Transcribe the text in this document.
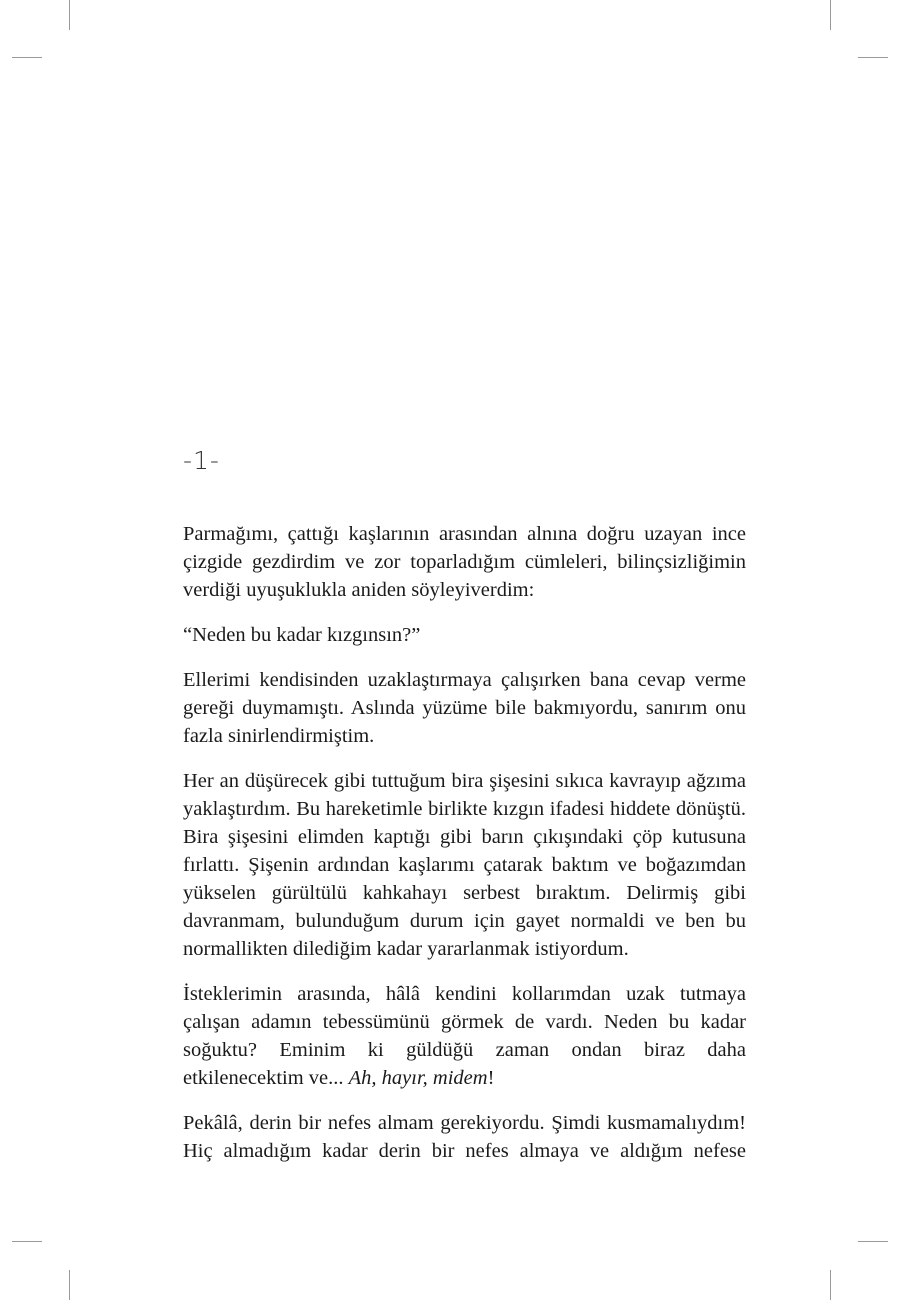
-1-

Parmağımı, çattığı kaşlarının arasından alnına doğru uzayan ince çizgide gezdirdim ve zor toparladığım cümleleri, bilinçsizliğimin verdiği uyuşuklukla aniden söyleyiverdim:

“Neden bu kadar kızgınsın?”

Ellerimi kendisinden uzaklaştırmaya çalışırken bana cevap verme gereği duymamıştı. Aslında yüzüme bile bakmıyordu, sanırım onu fazla sinirlendirmiştim.

Her an düşürecek gibi tuttuğum bira şişesini sıkıca kavrayıp ağzıma yaklaştırdım. Bu hareketimle birlikte kızgın ifadesi hiddete dönüştü. Bira şişesini elimden kaptığı gibi barın çıkışındaki çöp kutusuna fırlattı. Şişenin ardından kaşlarımı çatarak baktım ve boğazımdan yükselen gürültülü kahkahayı serbest bıraktım. Delirmiş gibi davranmam, bulunduğum durum için gayet normaldi ve ben bu normallikten dilediğim kadar yararlanmak istiyordum.

İsteklerimin arasında, hâlâ kendini kollarımdan uzak tutmaya çalışan adamın tebessümünü görmek de vardı. Neden bu kadar soğuktu? Eminim ki güldüğü zaman ondan biraz daha etkilenecektim ve... Ah, hayır, midem!

Pekâlâ, derin bir nefes almam gerekiyordu. Şimdi kusmamalıydım! Hiç almadığım kadar derin bir nefes almaya ve aldığım nefese
